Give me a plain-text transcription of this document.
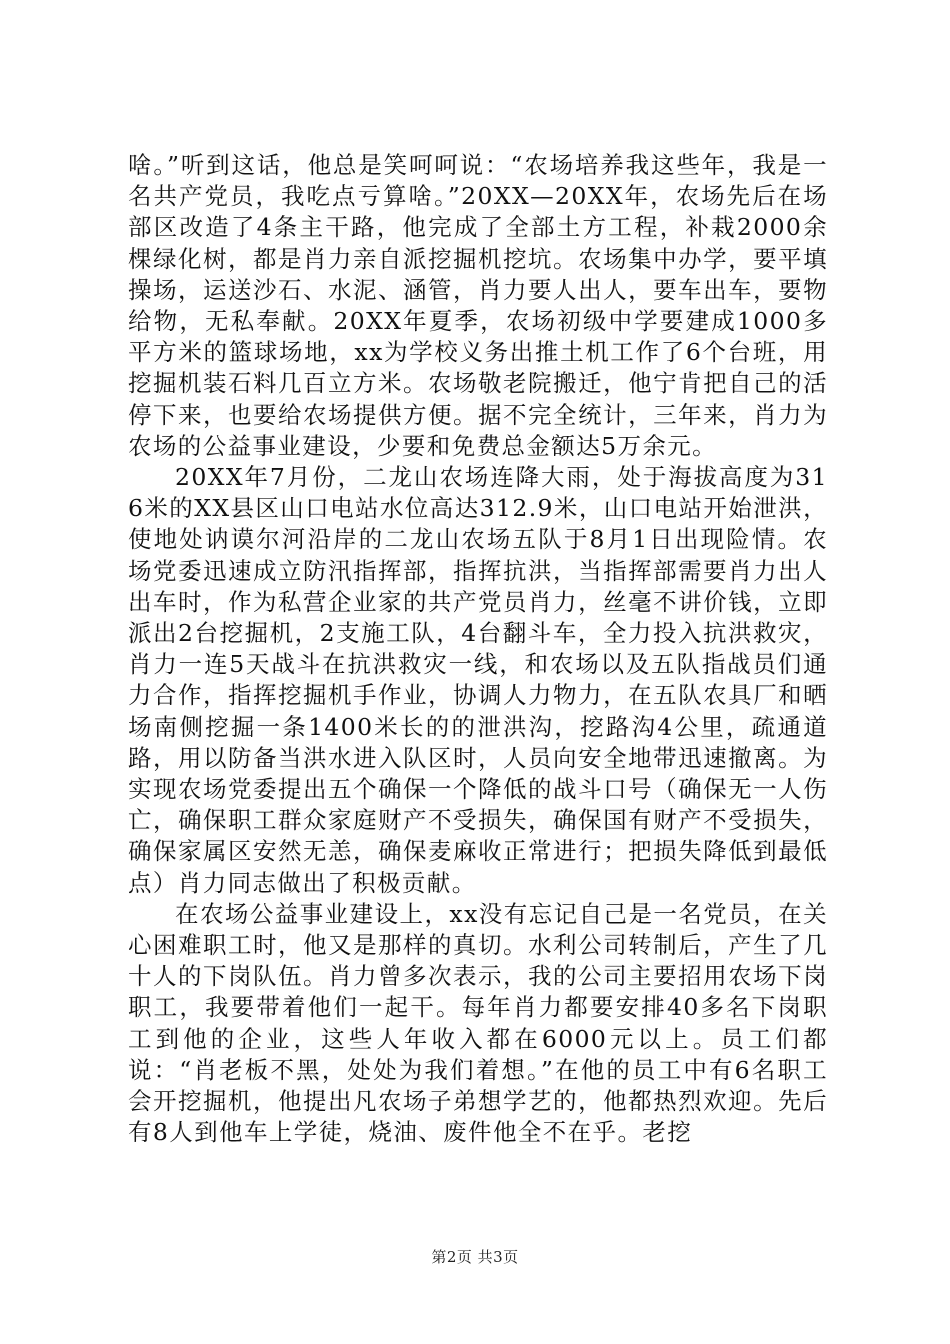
啥。”听到这话，他总是笑呵呵说：“农场培养我这些年，我是一名共产党员，我吃点亏算啥。”20XX—20XX年，农场先后在场部区改造了4条主干路，他完成了全部土方工程，补栽2000余棵绿化树，都是肖力亲自派挖掘机挖坑。农场集中办学，要平填操场，运送沙石、水泥、涵管，肖力要人出人，要车出车，要物给物，无私奉献。20XX年夏季，农场初级中学要建成1000多平方米的篮球场地，xx为学校义务出推土机工作了6个台班，用挖掘机装石料几百立方米。农场敬老院搬迁，他宁肯把自己的活停下来，也要给农场提供方便。据不完全统计，三年来，肖力为农场的公益事业建设，少要和免费总金额达5万余元。

20XX年7月份，二龙山农场连降大雨，处于海拔高度为316米的XX县区山口电站水位高达312.9米，山口电站开始泄洪，使地处讷谟尔河沿岸的二龙山农场五队于8月1日出现险情。农场党委迅速成立防汛指挥部，指挥抗洪，当指挥部需要肖力出人出车时，作为私营企业家的共产党员肖力，丝毫不讲价钱，立即派出2台挖掘机，2支施工队，4台翻斗车，全力投入抗洪救灾，肖力一连5天战斗在抗洪救灾一线，和农场以及五队指战员们通力合作，指挥挖掘机手作业，协调人力物力，在五队农具厂和晒场南侧挖掘一条1400米长的的泄洪沟，挖路沟4公里，疏通道路，用以防备当洪水进入队区时，人员向安全地带迅速撤离。为实现农场党委提出五个确保一个降低的战斗口号（确保无一人伤亡，确保职工群众家庭财产不受损失，确保国有财产不受损失，确保家属区安然无恙，确保麦麻收正常进行；把损失降低到最低点）肖力同志做出了积极贡献。

在农场公益事业建设上，xx没有忘记自己是一名党员，在关心困难职工时，他又是那样的真切。水利公司转制后，产生了几十人的下岗队伍。肖力曾多次表示，我的公司主要招用农场下岗职工，我要带着他们一起干。每年肖力都要安排40多名下岗职工到他的企业，这些人年收入都在6000元以上。员工们都说：“肖老板不黑，处处为我们着想。”在他的员工中有6名职工会开挖掘机，他提出凡农场子弟想学艺的，他都热烈欢迎。先后有8人到他车上学徒，烧油、废件他全不在乎。老挖

第2页 共3页
